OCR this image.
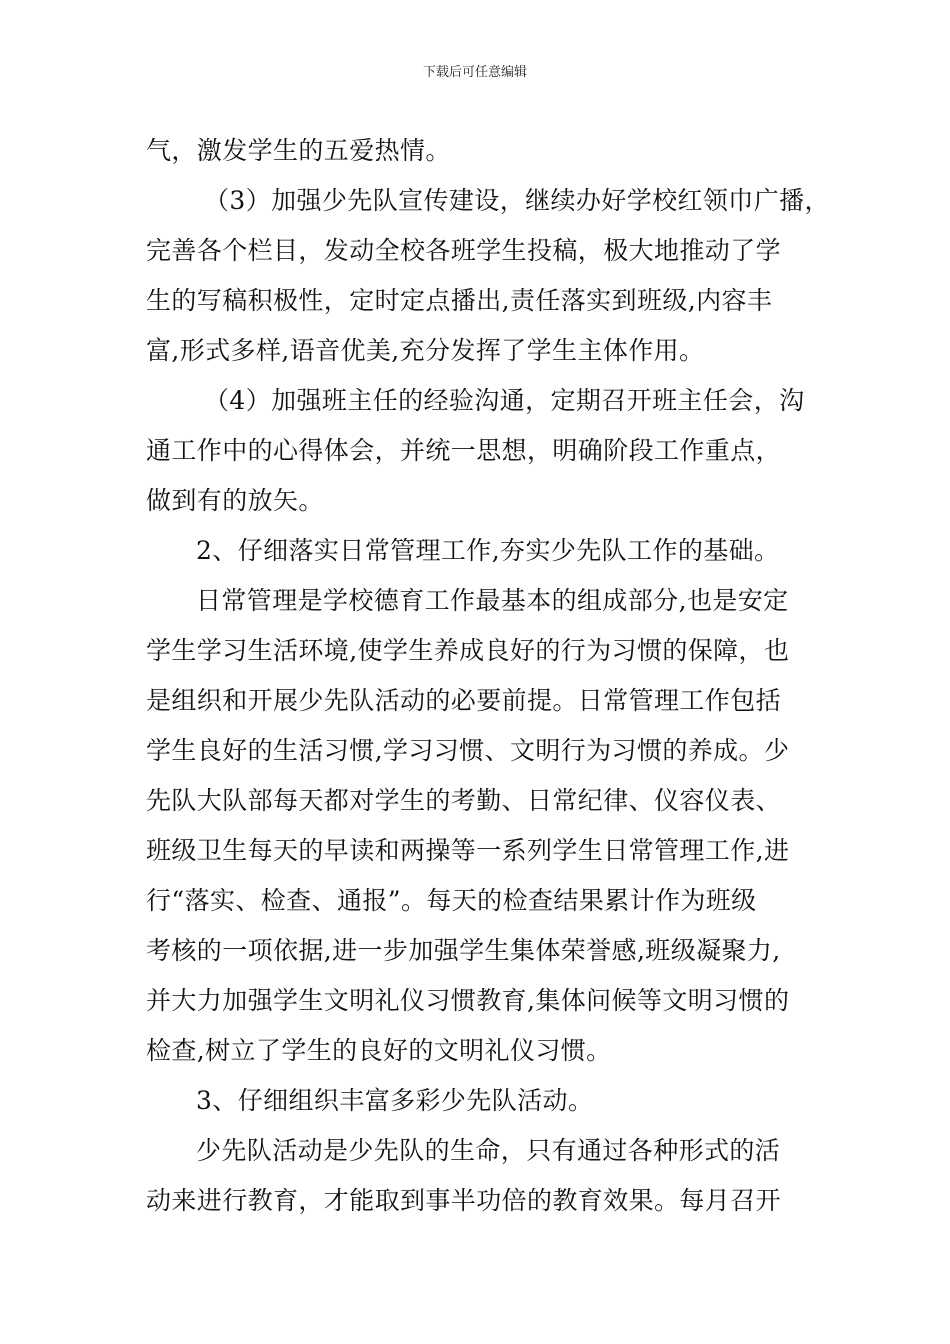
下载后可任意编辑
气，激发学生的五爱热情。
（3）加强少先队宣传建设，继续办好学校红领巾广播，
完善各个栏目，发动全校各班学生投稿，极大地推动了学
生的写稿积极性，定时定点播出,责任落实到班级,内容丰
富,形式多样,语音优美,充分发挥了学生主体作用。
（4）加强班主任的经验沟通，定期召开班主任会，沟
通工作中的心得体会，并统一思想，明确阶段工作重点，
做到有的放矢。
2、仔细落实日常管理工作,夯实少先队工作的基础。
日常管理是学校德育工作最基本的组成部分,也是安定
学生学习生活环境,使学生养成良好的行为习惯的保障，也
是组织和开展少先队活动的必要前提。日常管理工作包括
学生良好的生活习惯,学习习惯、文明行为习惯的养成。少
先队大队部每天都对学生的考勤、日常纪律、仪容仪表、
班级卫生每天的早读和两操等一系列学生日常管理工作,进
行“落实、检查、通报”。每天的检查结果累计作为班级
考核的一项依据,进一步加强学生集体荣誉感,班级凝聚力,
并大力加强学生文明礼仪习惯教育,集体问候等文明习惯的
检查,树立了学生的良好的文明礼仪习惯。
3、仔细组织丰富多彩少先队活动。
少先队活动是少先队的生命，只有通过各种形式的活
动来进行教育，才能取到事半功倍的教育效果。每月召开
